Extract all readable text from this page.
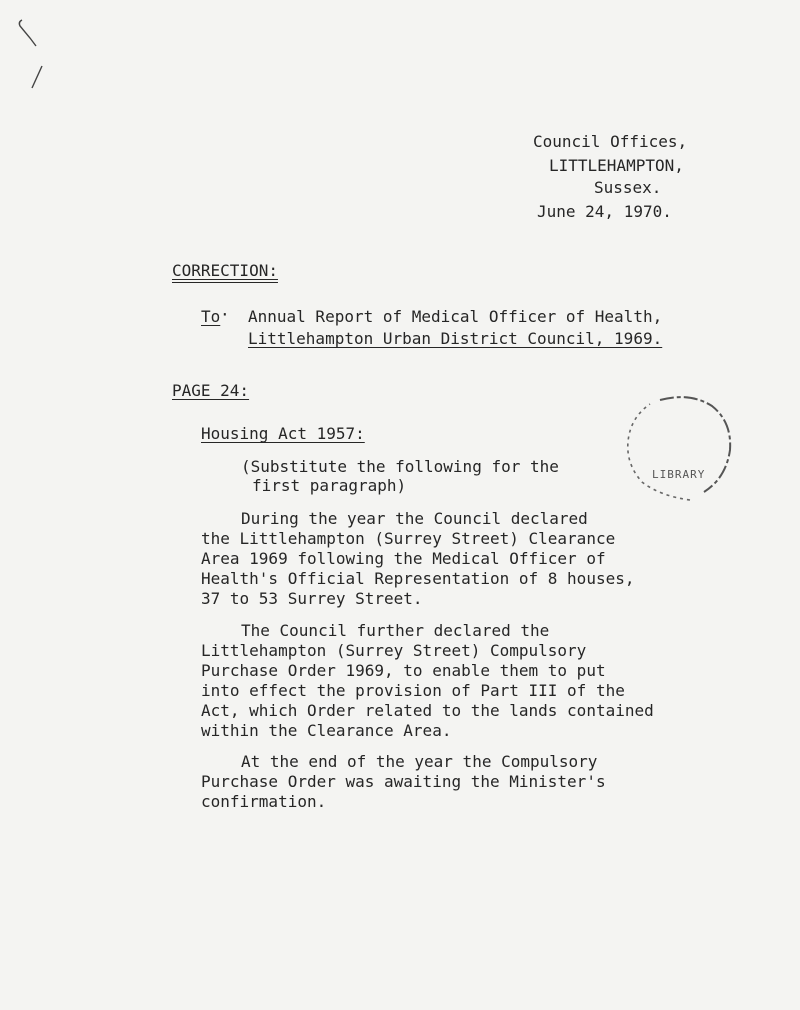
Council Offices,
LITTLEHAMPTON,
Sussex.
June 24, 1970.
CORRECTION:
To · Annual Report of Medical Officer of Health,
Littlehampton Urban District Council, 1969.
PAGE 24:
Housing Act 1957:
(Substitute the following for the
first paragraph)
During the year the Council declared
the Littlehampton (Surrey Street) Clearance
Area 1969 following the Medical Officer of
Health's Official Representation of 8 houses,
37 to 53 Surrey Street.
The Council further declared the
Littlehampton (Surrey Street) Compulsory
Purchase Order 1969, to enable them to put
into effect the provision of Part III of the
Act, which Order related to the lands contained
within the Clearance Area.
At the end of the year the Compulsory
Purchase Order was awaiting the Minister's
confirmation.
LIBRARY
